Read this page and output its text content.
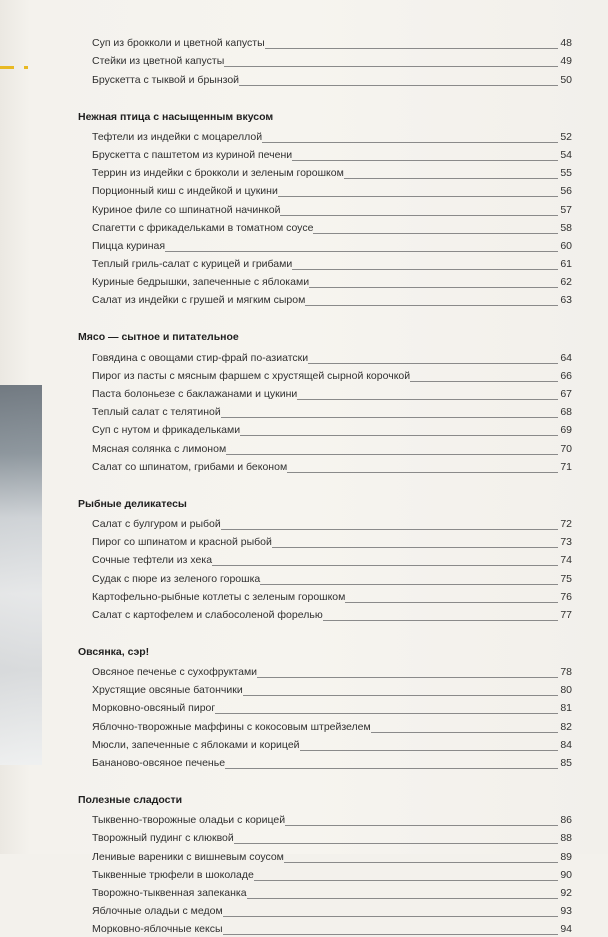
Суп из брокколи и цветной капусты	48
Стейки из цветной капусты	49
Брускетта с тыквой и брынзой	50
Нежная птица с насыщенным вкусом
Тефтели из индейки с моцареллой	52
Брускетта с паштетом из куриной печени	54
Террин из индейки с брокколи и зеленым горошком	55
Порционный киш с индейкой и цукини	56
Куриное филе со шпинатной начинкой	57
Спагетти с фрикадельками в томатном соусе	58
Пицца куриная	60
Теплый гриль-салат с курицей и грибами	61
Куриные бедрышки, запеченные с яблоками	62
Салат из индейки с грушей и мягким сыром	63
Мясо — сытное и питательное
Говядина с овощами стир-фрай по-азиатски	64
Пирог из пасты с мясным фаршем с хрустящей сырной корочкой	66
Паста болоньезе с баклажанами и цукини	67
Теплый салат с телятиной	68
Суп с нутом и фрикадельками	69
Мясная солянка с лимоном	70
Салат со шпинатом, грибами и беконом	71
Рыбные деликатесы
Салат с булгуром и рыбой	72
Пирог со шпинатом и красной рыбой	73
Сочные тефтели из хека	74
Судак с пюре из зеленого горошка	75
Картофельно-рыбные котлеты с зеленым горошком	76
Салат с картофелем и слабосоленой форелью	77
Овсянка, сэр!
Овсяное печенье с сухофруктами	78
Хрустящие овсяные батончики	80
Морковно-овсяный пирог	81
Яблочно-творожные маффины с кокосовым штрейзелем	82
Мюсли, запеченные с яблоками и корицей	84
Бананово-овсяное печенье	85
Полезные сладости
Тыквенно-творожные оладьи с корицей	86
Творожный пудинг с клюквой	88
Ленивые вареники с вишневым соусом	89
Тыквенные трюфели в шоколаде	90
Творожно-тыквенная запеканка	92
Яблочные оладьи с медом	93
Морковно-яблочные кексы	94
